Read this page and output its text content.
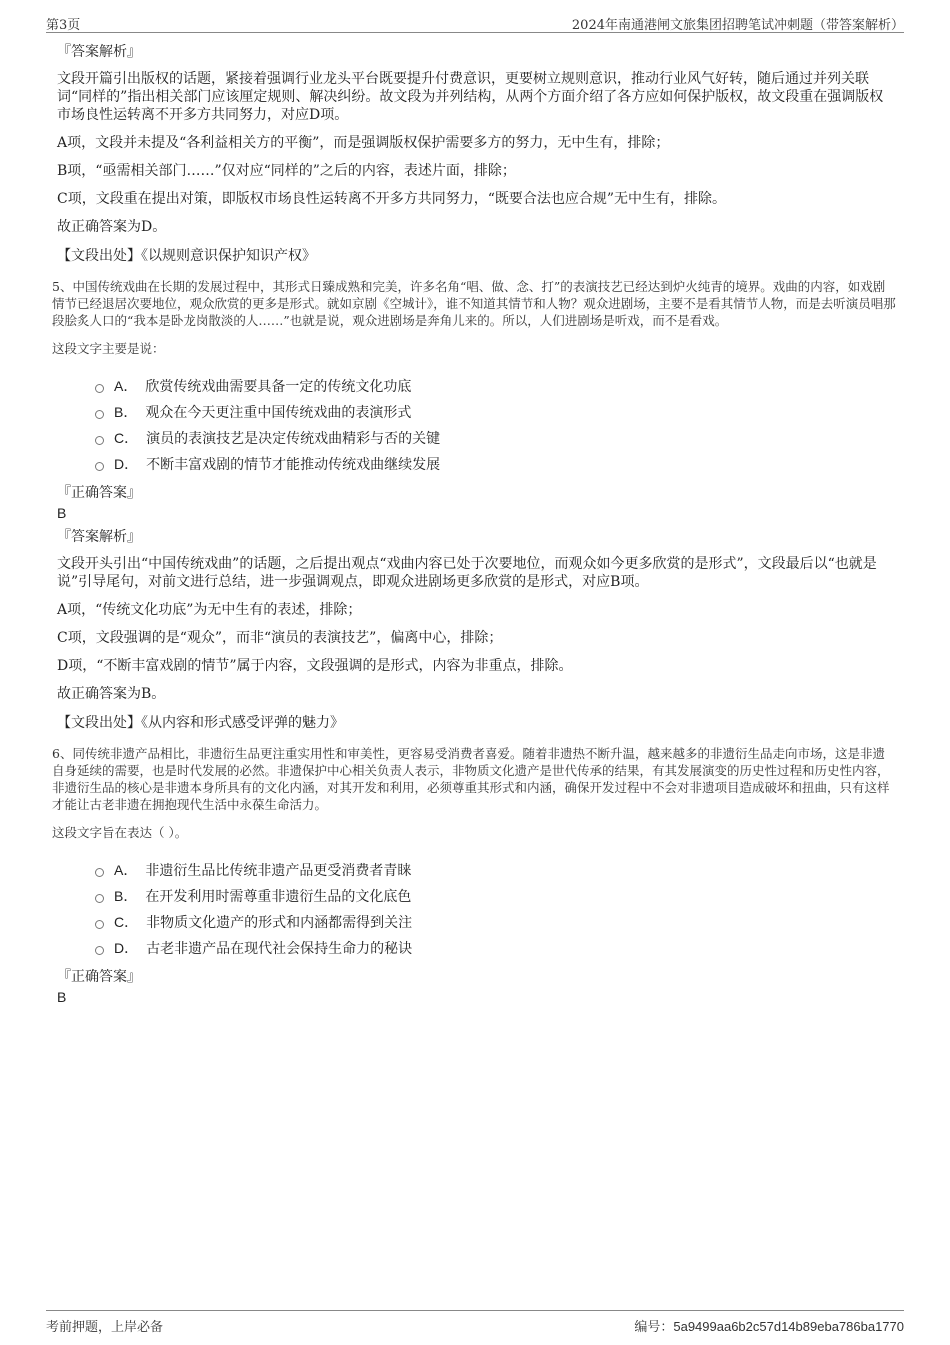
第3页	2024年南通港闸文旅集团招聘笔试冲刺题（带答案解析）
『答案解析』

文段开篇引出版权的话题，紧接着强调行业龙头平台既要提升付费意识，更要树立规则意识，推动行业风气好转，随后通过并列关联词“同样的”指出相关部门应该厘定规则、解决纠纷。故文段为并列结构，从两个方面介绍了各方应如何保护版权，故文段重在强调版权市场良性运转离不开多方共同努力，对应D项。

A项，文段并未提及“各利益相关方的平衡”，而是强调版权保护需要多方的努力，无中生有，排除；

B项，“亟需相关部门……”仅对应“同样的”之后的内容，表述片面，排除；

C项，文段重在提出对策，即版权市场良性运转离不开多方共同努力，“既要合法也应合规”无中生有，排除。

故正确答案为D。

【文段出处】《以规则意识保护知识产权》

5、中国传统戏曲在长期的发展过程中，其形式日臻成熟和完美，许多名角“唱、做、念、打”的表演技艺已经达到炉火纯青的境界。戏曲的内容，如戏剧情节已经退居次要地位，观众欣赏的更多是形式。就如京剧《空城计》，谁不知道其情节和人物？观众进剧场，主要不是看其情节人物，而是去听演员唱那段脍炙人口的“我本是卧龙岗散淡的人……”也就是说，观众进剧场是奔角儿来的。所以，人们进剧场是听戏，而不是看戏。

这段文字主要是说：
A． 欣赏传统戏曲需要具备一定的传统文化功底
B． 观众在今天更注重中国传统戏曲的表演形式
C． 演员的表演技艺是决定传统戏曲精彩与否的关键
D． 不断丰富戏剧的情节才能推动传统戏曲继续发展
『正确答案』
B
『答案解析』

文段开头引出“中国传统戏曲”的话题，之后提出观点“戏曲内容已处于次要地位，而观众如今更多欣赏的是形式”，文段最后以“也就是说”引导尾句，对前文进行总结，进一步强调观点，即观众进剧场更多欣赏的是形式，对应B项。

A项，“传统文化功底”为无中生有的表述，排除；

C项，文段强调的是“观众”，而非“演员的表演技艺”，偏离中心，排除；

D项，“不断丰富戏剧的情节”属于内容，文段强调的是形式，内容为非重点，排除。

故正确答案为B。

【文段出处】《从内容和形式感受评弹的魅力》

6、同传统非遗产品相比，非遗衍生品更注重实用性和审美性，更容易受消费者喜爱。随着非遗热不断升温，越来越多的非遗衍生品走向市场，这是非遗自身延续的需要，也是时代发展的必然。非遗保护中心相关负责人表示，非物质文化遗产是世代传承的结果，有其发展演变的历史性过程和历史性内容，非遗衍生品的核心是非遗本身所具有的文化内涵，对其开发和利用，必须尊重其形式和内涵，确保开发过程中不会对非遗项目造成破坏和扭曲，只有这样才能让古老非遗在拥抱现代生活中永葆生命活力。

这段文字旨在表达（ ）。
A． 非遗衍生品比传统非遗产品更受消费者青睐
B． 在开发利用时需尊重非遗衍生品的文化底色
C． 非物质文化遗产的形式和内涵都需得到关注
D． 古老非遗产品在现代社会保持生命力的秘诀
『正确答案』
B
考前押题，上岸必备	编号：5a9499aa6b2c57d14b89eba786ba1770
